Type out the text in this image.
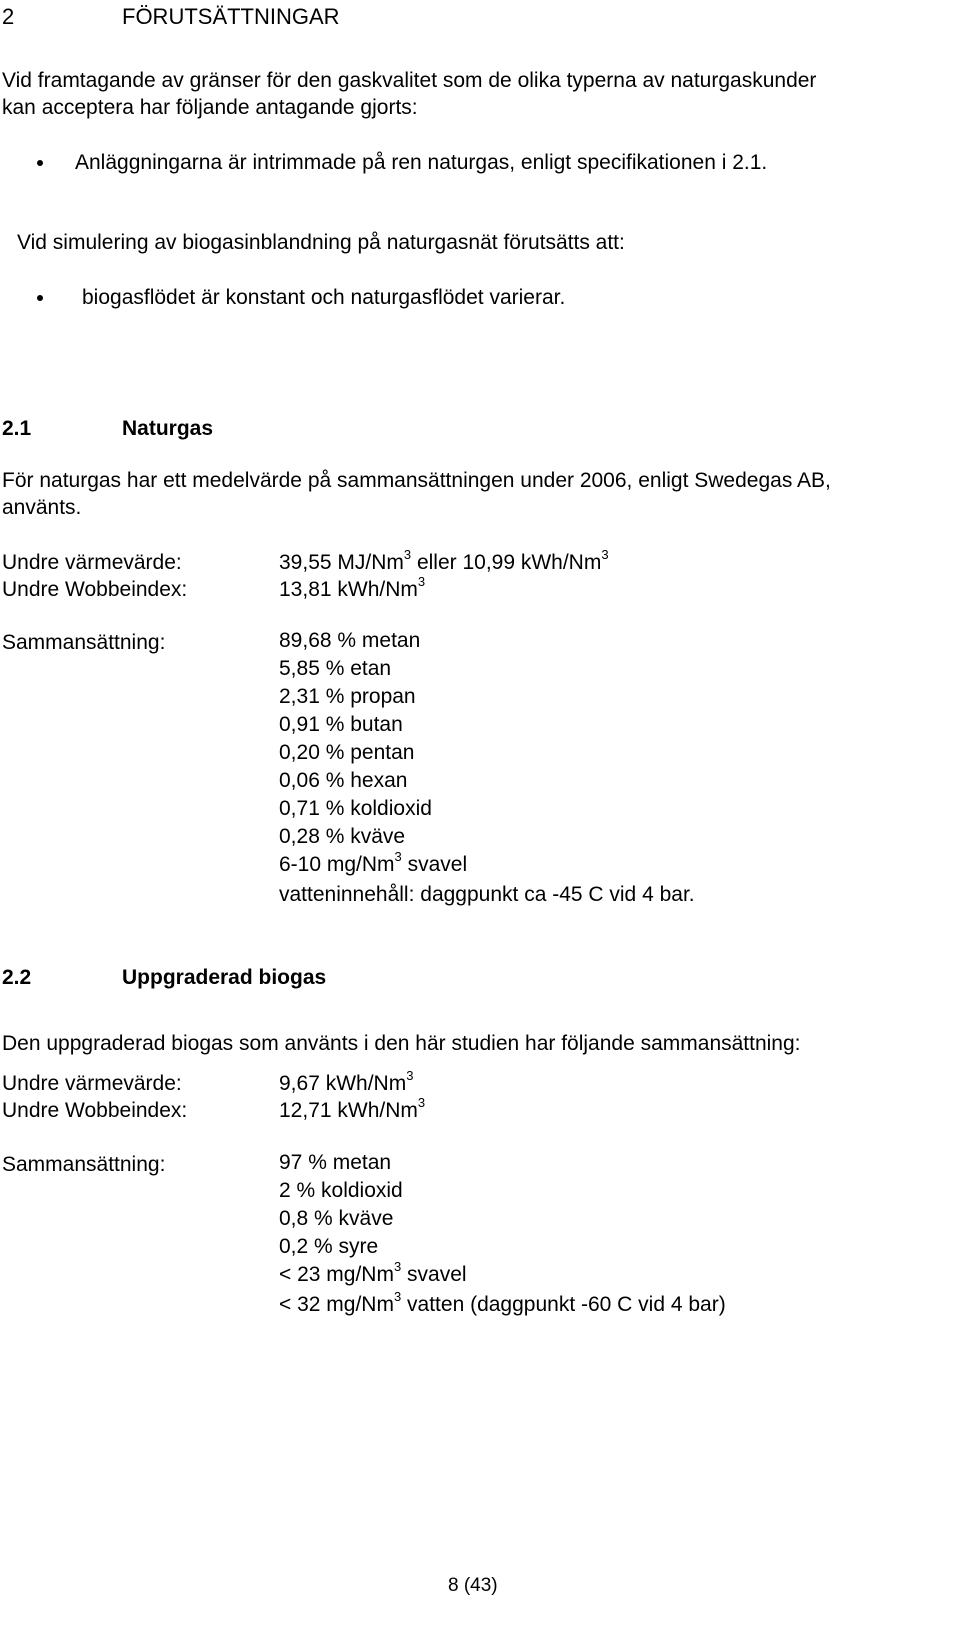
2	FÖRUTSÄTTNINGAR
Vid framtagande av gränser för den gaskvalitet som de olika typerna av naturgaskunder
kan acceptera har följande antagande gjorts:
Anläggningarna är intrimmade på ren naturgas, enligt specifikationen i 2.1.
Vid simulering av biogasinblandning på naturgasnät förutsätts att:
biogasflödet är konstant och naturgasflödet varierar.
2.1	Naturgas
För naturgas har ett medelvärde på sammansättningen under 2006, enligt Swedegas AB,
använts.
Undre värmevärde:	39,55 MJ/Nm$^3$ eller 10,99 kWh/Nm$^3$
Undre Wobbeindex:	13,81 kWh/Nm$^3$
Sammansättning:	89,68 % metan
5,85 % etan
2,31 % propan
0,91 % butan
0,20 % pentan
0,06 % hexan
0,71 % koldioxid
0,28 % kväve
6-10 mg/Nm$^3$ svavel
vatteninnehåll: daggpunkt ca -45 C vid 4 bar.
2.2	Uppgraderad biogas
Den uppgraderad biogas som använts i den här studien har följande sammansättning:
Undre värmevärde:	9,67 kWh/Nm$^3$
Undre Wobbeindex:	12,71 kWh/Nm$^3$
Sammansättning:	97 % metan
2 % koldioxid
0,8 % kväve
0,2 % syre
< 23 mg/Nm$^3$ svavel
< 32 mg/Nm$^3$ vatten (daggpunkt -60 C vid 4 bar)
8 (43)
